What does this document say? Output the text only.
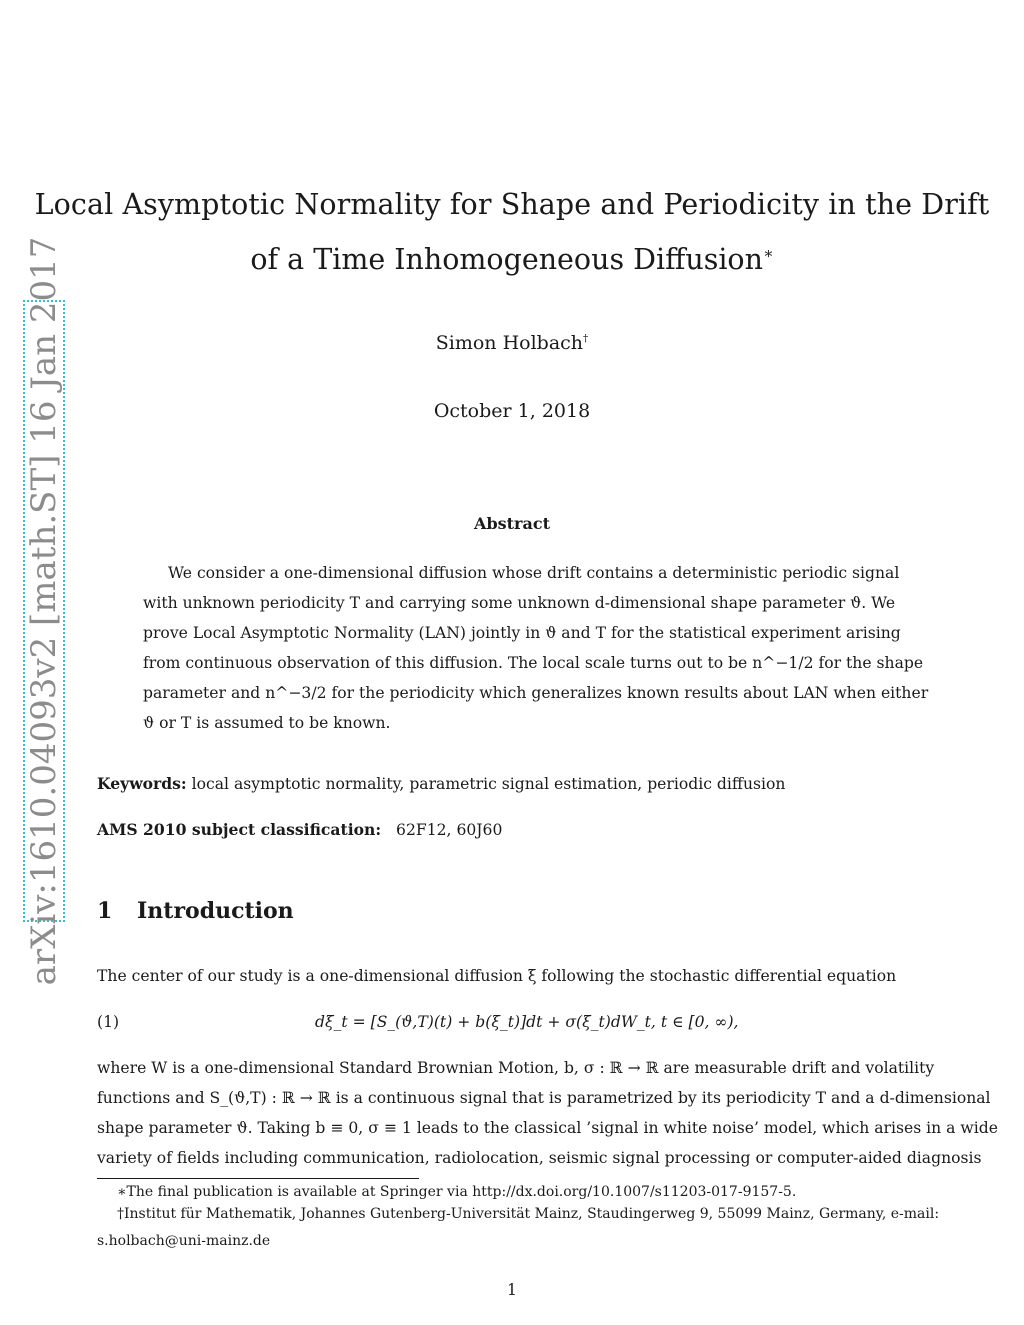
arXiv:1610.04093v2 [math.ST] 16 Jan 2017
Local Asymptotic Normality for Shape and Periodicity in the Drift
of a Time Inhomogeneous Diffusion∗
Simon Holbach†
October 1, 2018
Abstract
We consider a one-dimensional diffusion whose drift contains a deterministic periodic signal
with unknown periodicity T and carrying some unknown d-dimensional shape parameter ϑ. We
prove Local Asymptotic Normality (LAN) jointly in ϑ and T for the statistical experiment arising
from continuous observation of this diffusion. The local scale turns out to be n^−1/2 for the shape
parameter and n^−3/2 for the periodicity which generalizes known results about LAN when either
ϑ or T is assumed to be known.
Keywords: local asymptotic normality, parametric signal estimation, periodic diffusion
AMS 2010 subject classification: 62F12, 60J60
1 Introduction
The center of our study is a one-dimensional diffusion ξ following the stochastic differential equation
(1)	dξ_t = [S_(ϑ,T)(t) + b(ξ_t)]dt + σ(ξ_t)dW_t, t ∈ [0, ∞),
where W is a one-dimensional Standard Brownian Motion, b, σ : ℝ → ℝ are measurable drift and volatility
functions and S_(ϑ,T) : ℝ → ℝ is a continuous signal that is parametrized by its periodicity T and a d-dimensional
shape parameter ϑ. Taking b ≡ 0, σ ≡ 1 leads to the classical ’signal in white noise’ model, which arises in a wide
variety of fields including communication, radiolocation, seismic signal processing or computer-aided diagnosis
∗The final publication is available at Springer via http://dx.doi.org/10.1007/s11203-017-9157-5.
†Institut für Mathematik, Johannes Gutenberg-Universität Mainz, Staudingerweg 9, 55099 Mainz, Germany, e-mail:
s.holbach@uni-mainz.de
1
